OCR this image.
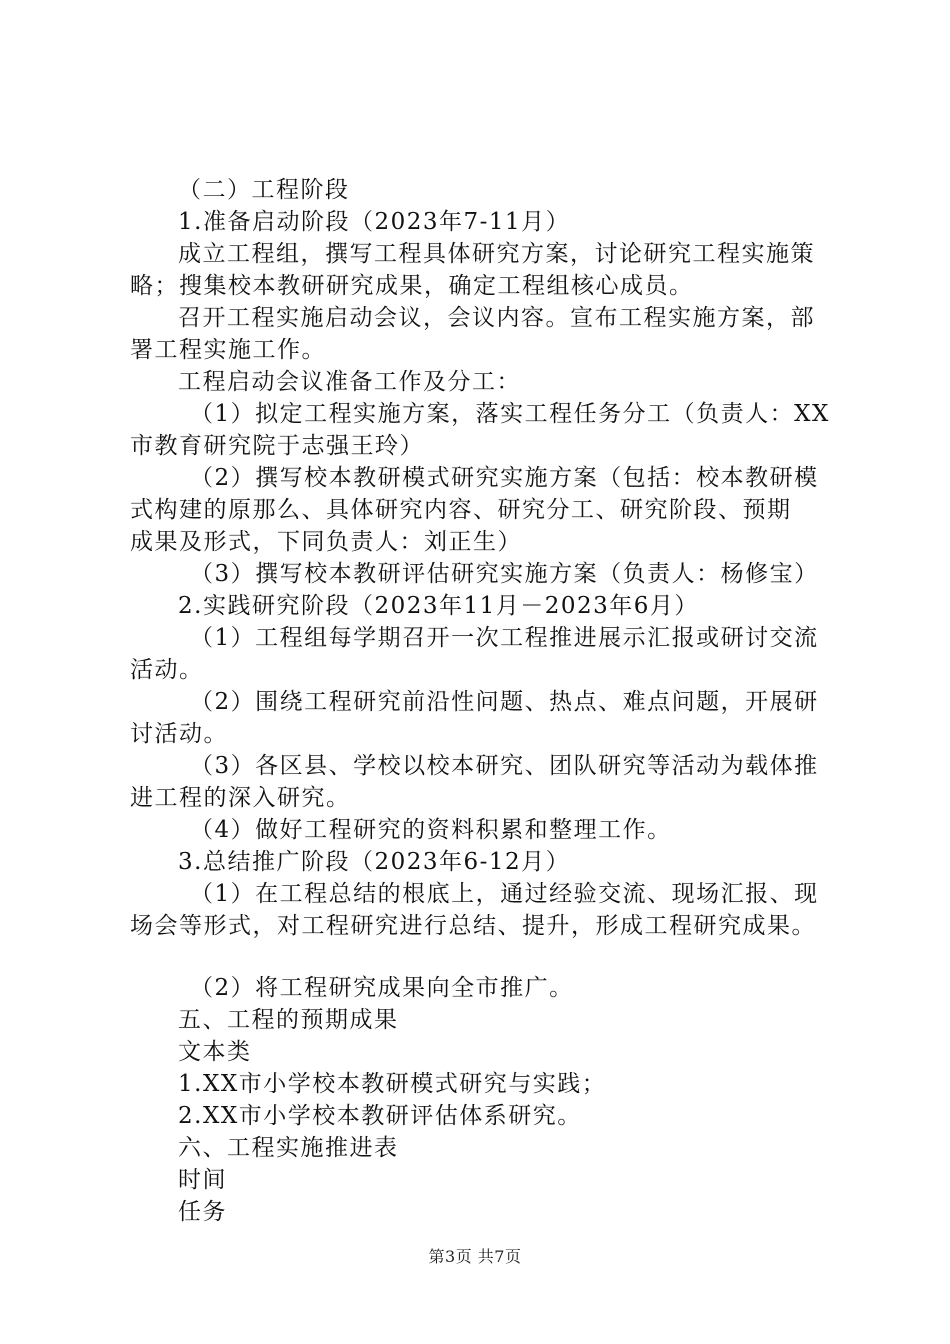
（二）工程阶段
1.准备启动阶段（2023年7-11月）
成立工程组，撰写工程具体研究方案，讨论研究工程实施策
略；搜集校本教研研究成果，确定工程组核心成员。
召开工程实施启动会议，会议内容。宣布工程实施方案，部
署工程实施工作。
工程启动会议准备工作及分工：
（1）拟定工程实施方案，落实工程任务分工（负责人：XX
市教育研究院于志强王玲）
（2）撰写校本教研模式研究实施方案（包括：校本教研模
式构建的原那么、具体研究内容、研究分工、研究阶段、预期
成果及形式，下同负责人：刘正生）
（3）撰写校本教研评估研究实施方案（负责人：杨修宝）
2.实践研究阶段（2023年11月－2023年6月）
（1）工程组每学期召开一次工程推进展示汇报或研讨交流
活动。
（2）围绕工程研究前沿性问题、热点、难点问题，开展研
讨活动。
（3）各区县、学校以校本研究、团队研究等活动为载体推
进工程的深入研究。
（4）做好工程研究的资料积累和整理工作。
3.总结推广阶段（2023年6-12月）
（1）在工程总结的根底上，通过经验交流、现场汇报、现
场会等形式，对工程研究进行总结、提升，形成工程研究成果。
（2）将工程研究成果向全市推广。
五、工程的预期成果
文本类
1.XX市小学校本教研模式研究与实践；
2.XX市小学校本教研评估体系研究。
六、工程实施推进表
时间
任务
第3页 共7页
